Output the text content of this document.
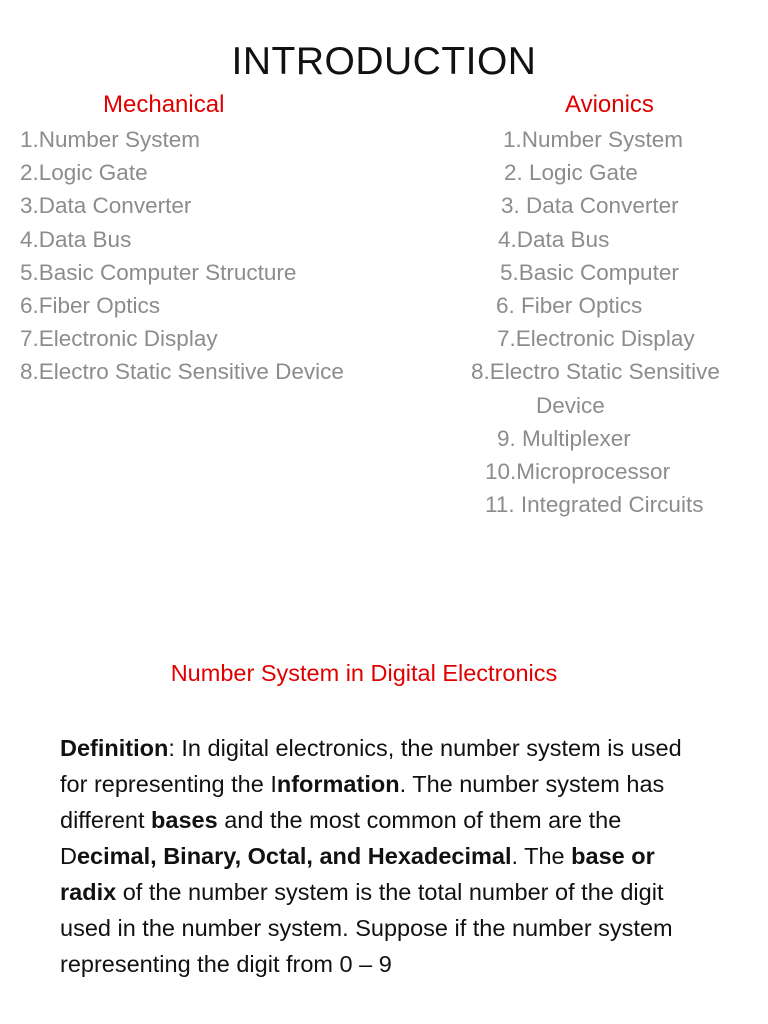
INTRODUCTION
Mechanical	Avionics
1.Number System
2.Logic Gate
3.Data Converter
4.Data Bus
5.Basic Computer Structure
6.Fiber Optics
7.Electronic Display
8.Electro Static Sensitive Device
1.Number System
2. Logic Gate
3. Data Converter
4.Data Bus
5.Basic Computer
6. Fiber Optics
7.Electronic Display
8.Electro Static Sensitive
Device
9. Multiplexer
10.Microprocessor
11. Integrated Circuits
Number System in Digital Electronics

Definition: In digital electronics, the number system is used for representing the Information. The number system has different bases and the most common of them are the Decimal, Binary, Octal, and Hexadecimal. The base or radix of the number system is the total number of the digit used in the number system. Suppose if the number system representing the digit from 0 – 9
